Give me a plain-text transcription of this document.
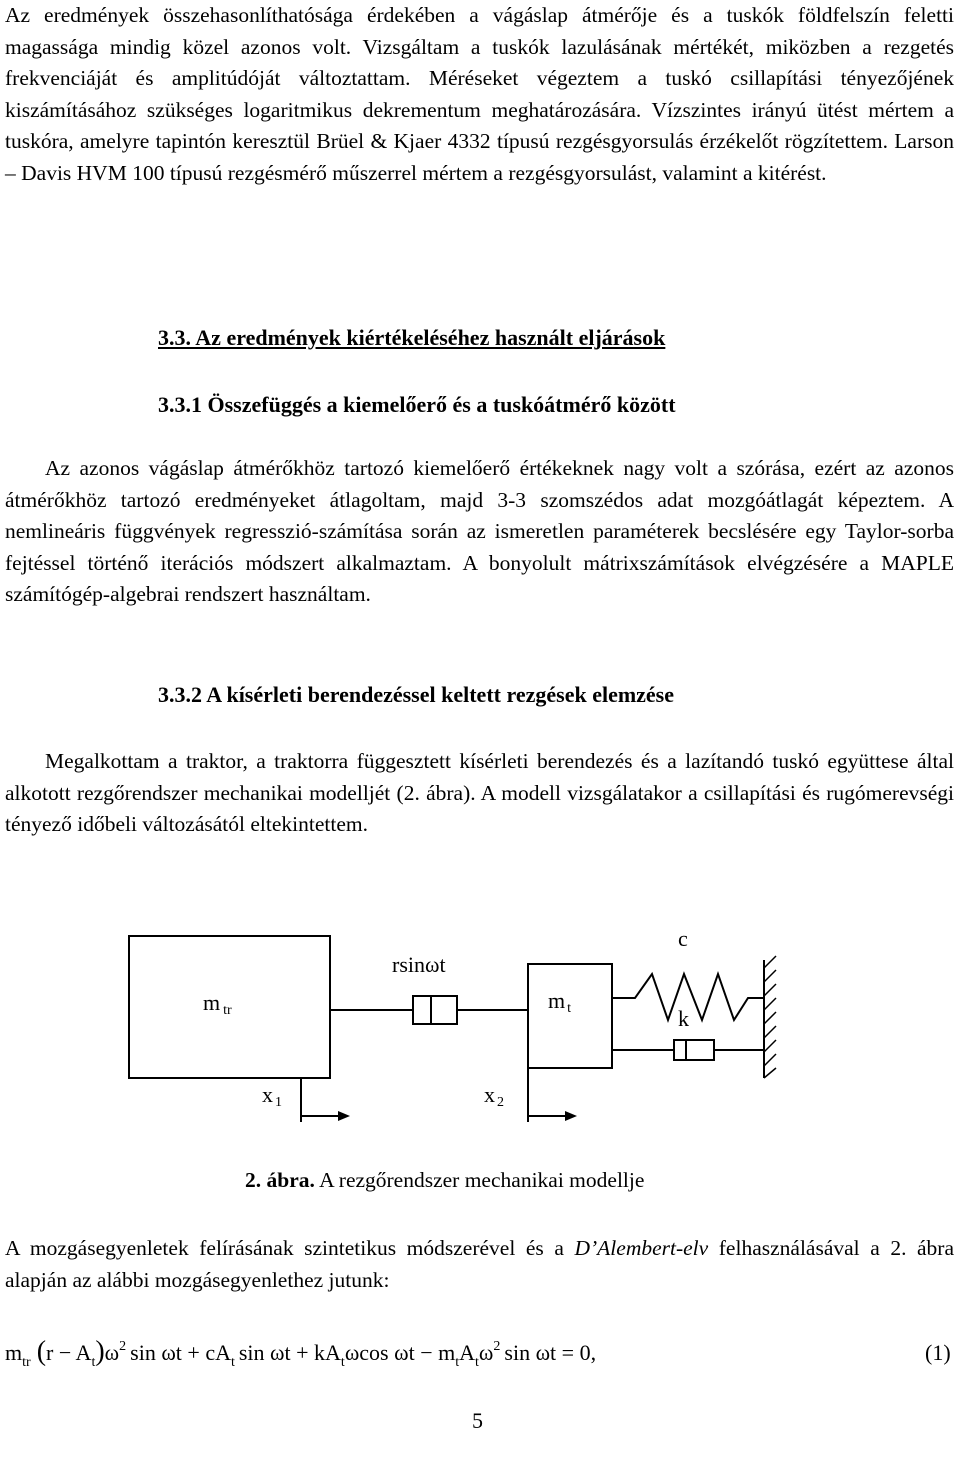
Az eredmények összehasonlíthatósága érdekében a vágáslap átmérője és a tuskók földfelszín feletti magassága mindig közel azonos volt. Vizsgáltam a tuskók lazulásának mértékét, miközben a rezgetés frekvenciáját és amplitúdóját változtattam. Méréseket végeztem a tuskó csillapítási tényezőjének kiszámításához szükséges logaritmikus dekrementum meghatározására. Vízszintes irányú ütést mértem a tuskóra, amelyre tapintón keresztül Brüel & Kjaer 4332 típusú rezgésgyorsulás érzékelőt rögzítettem. Larson – Davis HVM 100 típusú rezgésmérő műszerrel mértem a rezgésgyorsulást, valamint a kitérést.

3.3. Az eredmények kiértékeléséhez használt eljárások
3.3.1 Összefüggés a kiemelőerő és a tuskóátmérő között

Az azonos vágáslap átmérőkhöz tartozó kiemelőerő értékeknek nagy volt a szórása, ezért az azonos átmérőkhöz tartozó eredményeket átlagoltam, majd 3-3 szomszédos adat mozgóátlagát képeztem. A nemlineáris függvények regresszió-számítása során az ismeretlen paraméterek becslésére egy Taylor-sorba fejtéssel történő iterációs módszert alkalmaztam. A bonyolult mátrixszámítások elvégzésére a MAPLE számítógép-algebrai rendszert használtam.

3.3.2 A kísérleti berendezéssel keltett rezgések elemzése

Megalkottam a traktor, a traktorra függesztett kísérleti berendezés és a lazítandó tuskó együttese által alkotott rezgőrendszer mechanikai modelljét (2. ábra). A modell vizsgálatakor a csillapítási és rugómerevségi tényező időbeli változásától eltekintettem.

mtr
rsinωt
mt
c
k
x 1	x 2
2. ábra. A rezgőrendszer mechanikai modellje

A mozgásegyenletek felírásának szintetikus módszerével és a D’Alembert-elv felhasználásával a 2. ábra alapján az alábbi mozgásegyenlethez jutunk:

$m_{tr}$ $(r - A_t)\omega^2$ $\sin \omega t + cA_t$ $\sin \omega t + kA_t\omega\cos$ $\omega t - m_tA_t\omega^2$ sin ωt = 0,	(1)
5
